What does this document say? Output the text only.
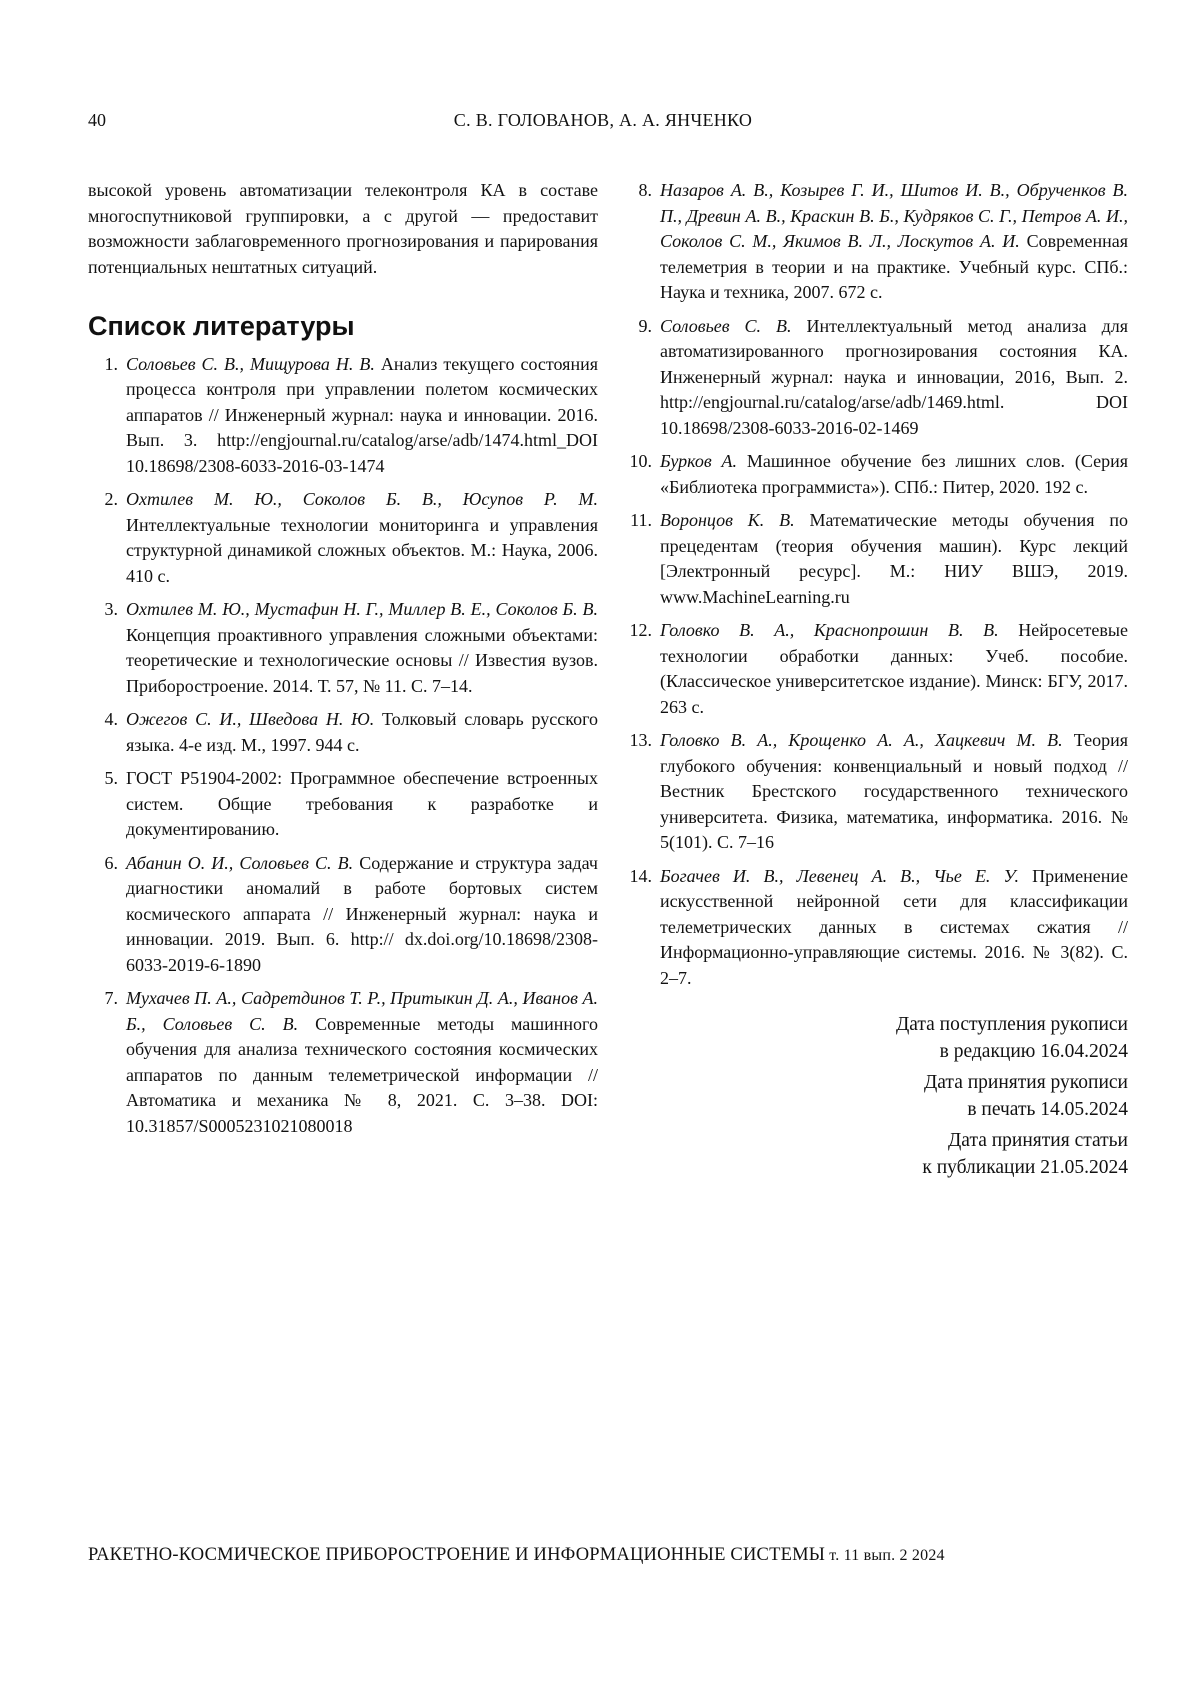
40	С. В. ГОЛОВАНОВ, А. А. ЯНЧЕНКО

высокой уровень автоматизации телеконтроля КА в составе многоспутниковой группировки, а с другой — предоставит возможности заблаговременного прогнозирования и парирования потенциальных нештатных ситуаций.

Список литературы
1. Соловьев С. В., Мищурова Н. В. Анализ текущего состояния процесса контроля при управлении полетом космических аппаратов // Инженерный журнал: наука и инновации. 2016. Вып. 3. http://engjournal.ru/catalog/arse/adb/1474.html_DOI 10.18698/2308-6033-2016-03-1474
2. Охтилев М. Ю., Соколов Б. В., Юсупов Р. М. Интеллектуальные технологии мониторинга и управления структурной динамикой сложных объектов. М.: Наука, 2006. 410 с.
3. Охтилев М. Ю., Мустафин Н. Г., Миллер В. Е., Соколов Б. В. Концепция проактивного управления сложными объектами: теоретические и технологические основы // Известия вузов. Приборостроение. 2014. Т. 57, № 11. С. 7–14.
4. Ожегов С. И., Шведова Н. Ю. Толковый словарь русского языка. 4-е изд. М., 1997. 944 с.
5. ГОСТ Р51904-2002: Программное обеспечение встроенных систем. Общие требования к разработке и документированию.
6. Абанин О. И., Соловьев С. В. Содержание и структура задач диагностики аномалий в работе бортовых систем космического аппарата // Инженерный журнал: наука и инновации. 2019. Вып. 6. http:// dx.doi.org/10.18698/2308-6033-2019-6-1890
7. Мухачев П. А., Садретдинов Т. Р., Притыкин Д. А., Иванов А. Б., Соловьев С. В. Современные методы машинного обучения для анализа технического состояния космических аппаратов по данным телеметрической информации // Автоматика и механика № 8, 2021. С. 3–38. DOI: 10.31857/S0005231021080018
8. Назаров А. В., Козырев Г. И., Шитов И. В., Обрученков В. П., Древин А. В., Краскин В. Б., Кудряков С. Г., Петров А. И., Соколов С. М., Якимов В. Л., Лоскутов А. И. Современная телеметрия в теории и на практике. Учебный курс. СПб.: Наука и техника, 2007. 672 с.
9. Соловьев С. В. Интеллектуальный метод анализа для автоматизированного прогнозирования состояния КА. Инженерный журнал: наука и инновации, 2016, Вып. 2. http://engjournal.ru/catalog/arse/adb/1469.html. DOI 10.18698/2308-6033-2016-02-1469
10. Бурков А. Машинное обучение без лишних слов. (Серия «Библиотека программиста»). СПб.: Питер, 2020. 192 с.
11. Воронцов К. В. Математические методы обучения по прецедентам (теория обучения машин). Курс лекций [Электронный ресурс]. М.: НИУ ВШЭ, 2019. www.MachineLearning.ru
12. Головко В. А., Краснопрошин В. В. Нейросетевые технологии обработки данных: Учеб. пособие. (Классическое университетское издание). Минск: БГУ, 2017. 263 с.
13. Головко В. А., Крощенко А. А., Хацкевич М. В. Теория глубокого обучения: конвенциальный и новый подход // Вестник Брестского государственного технического университета. Физика, математика, информатика. 2016. № 5(101). С. 7–16
14. Богачев И. В., Левенец А. В., Чье Е. У. Применение искусственной нейронной сети для классификации телеметрических данных в системах сжатия // Информационно-управляющие системы. 2016. № 3(82). С. 2–7.
Дата поступления рукописи
в редакцию 16.04.2024
Дата принятия рукописи
в печать 14.05.2024
Дата принятия статьи
к публикации 21.05.2024
РАКЕТНО-КОСМИЧЕСКОЕ ПРИБОРОСТРОЕНИЕ И ИНФОРМАЦИОННЫЕ СИСТЕМЫ т. 11 вып. 2 2024
